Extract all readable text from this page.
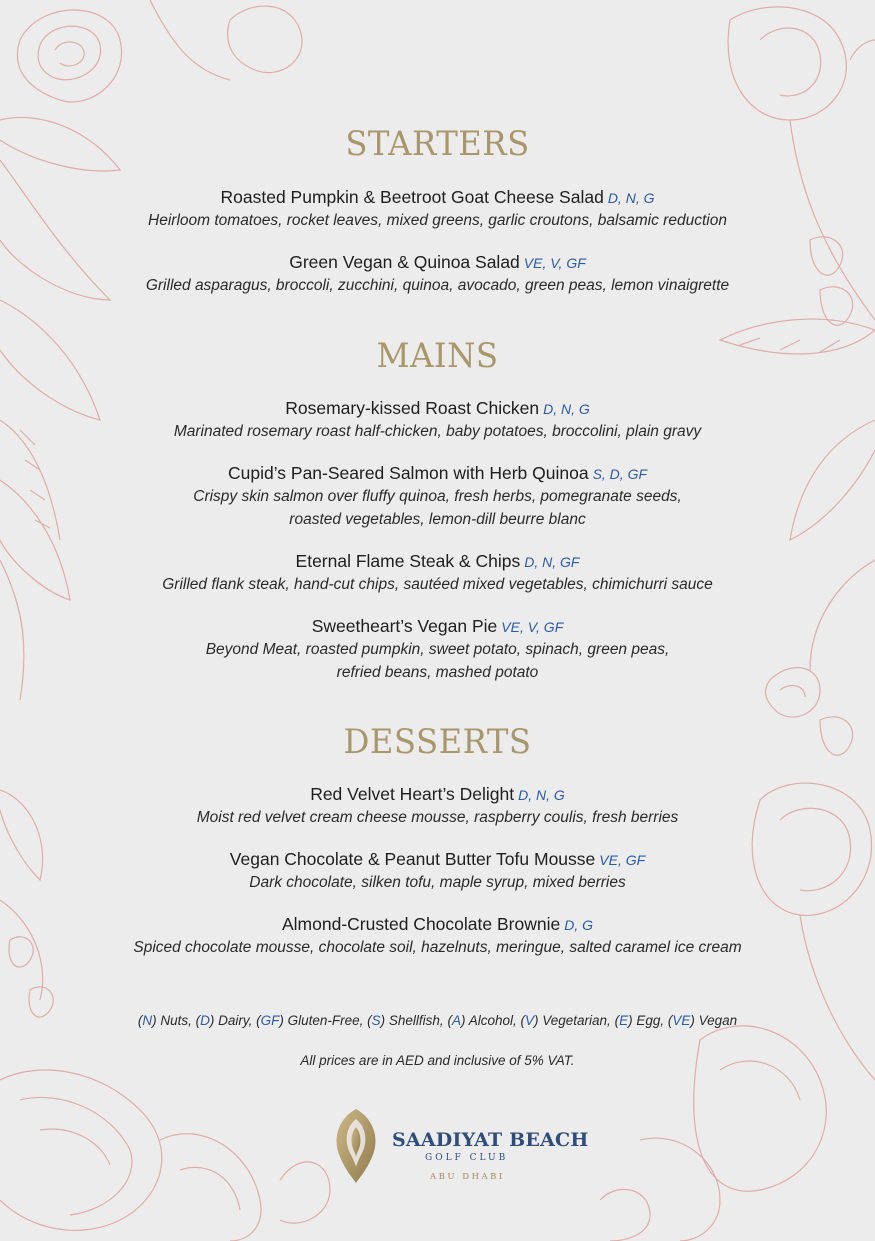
STARTERS
Roasted Pumpkin & Beetroot Goat Cheese Salad D, N, G
Heirloom tomatoes, rocket leaves, mixed greens, garlic croutons, balsamic reduction
Green Vegan & Quinoa Salad VE, V, GF
Grilled asparagus, broccoli, zucchini, quinoa, avocado, green peas, lemon vinaigrette
MAINS
Rosemary-kissed Roast Chicken D, N, G
Marinated rosemary roast half-chicken, baby potatoes, broccolini, plain gravy
Cupid’s Pan-Seared Salmon with Herb Quinoa S, D, GF
Crispy skin salmon over fluffy quinoa, fresh herbs, pomegranate seeds,
roasted vegetables, lemon-dill beurre blanc
Eternal Flame Steak & Chips D, N, GF
Grilled flank steak, hand-cut chips, sautéed mixed vegetables, chimichurri sauce
Sweetheart’s Vegan Pie VE, V, GF
Beyond Meat, roasted pumpkin, sweet potato, spinach, green peas,
refried beans, mashed potato
DESSERTS
Red Velvet Heart’s Delight D, N, G
Moist red velvet cream cheese mousse, raspberry coulis, fresh berries
Vegan Chocolate & Peanut Butter Tofu Mousse VE, GF
Dark chocolate, silken tofu, maple syrup, mixed berries
Almond-Crusted Chocolate Brownie D, G
Spiced chocolate mousse, chocolate soil, hazelnuts, meringue, salted caramel ice cream
(N) Nuts, (D) Dairy, (GF) Gluten-Free, (S) Shellfish, (A) Alcohol, (V) Vegetarian, (E) Egg, (VE) Vegan
All prices are in AED and inclusive of 5% VAT.
SAADIYAT BEACH
GOLF CLUB
ABU DHABI
